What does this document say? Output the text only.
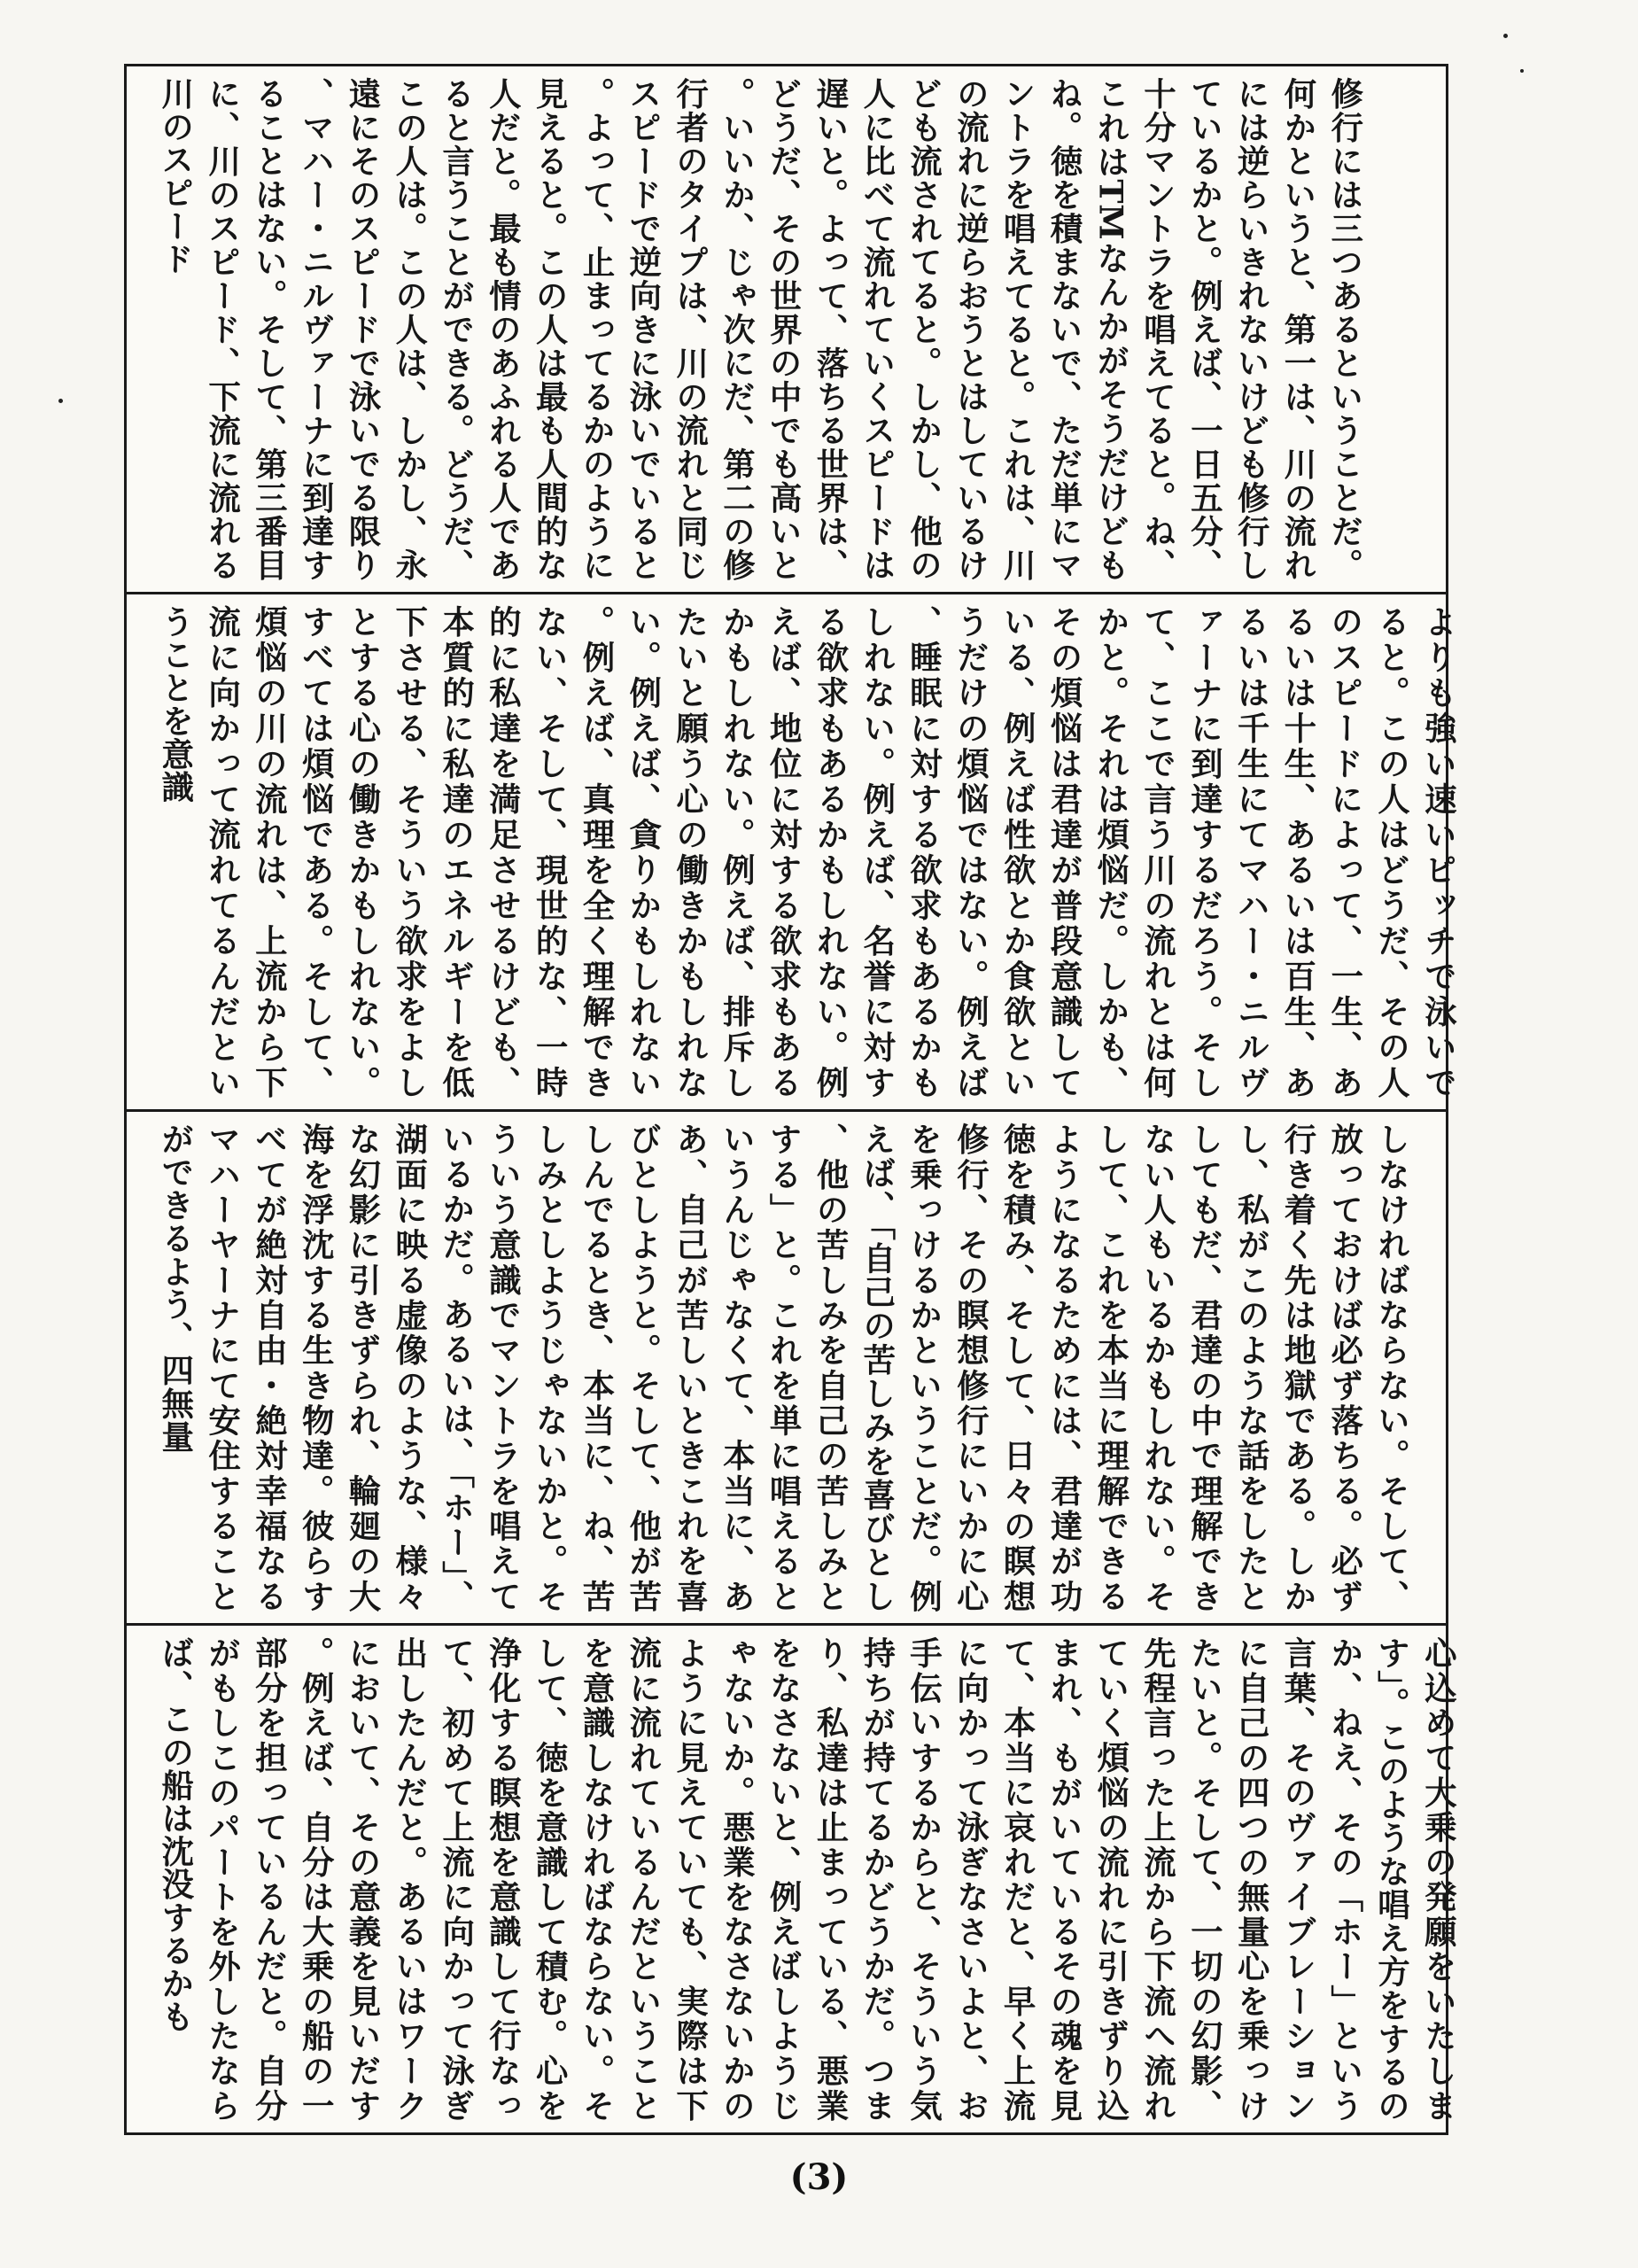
修行には三つあるということだ。何かというと、第一は、川の流れには逆らいきれないけども修行しているかと。例えば、一日五分、十分マントラを唱えてると。ね、これはTMなんかがそうだけどもね。徳を積まないで、ただ単にマントラを唱えてると。これは、川の流れに逆らおうとはしているけども流されてると。しかし、他の人に比べて流れていくスピードは遅いと。よって、落ちる世界は、どうだ、その世界の中でも高いと。いいか、じゃ次にだ、第二の修行者のタイプは、川の流れと同じスピードで逆向きに泳いでいると。よって、止まってるかのように見えると。この人は最も人間的な人だと。最も情のあふれる人であると言うことができる。どうだ、この人は。この人は、しかし、永遠にそのスピードで泳いでる限り、マハー・ニルヴァーナに到達することはない。そして、第三番目に、川のスピード、下流に流れる川のスピード
よりも強い速いピッチで泳いでると。この人はどうだ、その人のスピードによって、一生、あるいは十生、あるいは百生、あるいは千生にてマハー・ニルヴァーナに到達するだろう。そして、ここで言う川の流れとは何かと。それは煩悩だ。しかも、その煩悩は君達が普段意識している、例えば性欲とか食欲というだけの煩悩ではない。例えば、睡眠に対する欲求もあるかもしれない。例えば、名誉に対する欲求もあるかもしれない。例えば、地位に対する欲求もあるかもしれない。例えば、排斥したいと願う心の働きかもしれない。例えば、貪りかもしれない。例えば、真理を全く理解できない、そして、現世的な、一時的に私達を満足させるけども、本質的に私達のエネルギーを低下させる、そういう欲求をよしとする心の働きかもしれない。すべては煩悩である。そして、煩悩の川の流れは、上流から下流に向かって流れてるんだということを意識
しなければならない。そして、放っておけば必ず落ちる。必ず行き着く先は地獄である。しかし、私がこのような話をしたとしてもだ、君達の中で理解できない人もいるかもしれない。そして、これを本当に理解できるようになるためには、君達が功徳を積み、そして、日々の瞑想修行、その瞑想修行にいかに心を乗っけるかということだ。例えば、「自己の苦しみを喜びとし、他の苦しみを自己の苦しみとする」と。これを単に唱えるというんじゃなくて、本当に、ああ、自己が苦しいときこれを喜びとしようと。そして、他が苦しんでるとき、本当に、ね、苦しみとしようじゃないかと。そういう意識でマントラを唱えているかだ。あるいは、「ホー」、湖面に映る虚像のような、様々な幻影に引きずられ、輪廻の大海を浮沈する生き物達。彼らすべてが絶対自由・絶対幸福なるマハーヤーナにて安住することができるよう、四無量
心込めて大乗の発願をいたします」。このような唱え方をするのか、ねえ、その「ホー」という言葉、そのヴァイブレーションに自己の四つの無量心を乗っけたいと。そして、一切の幻影、先程言った上流から下流へ流れていく煩悩の流れに引きずり込まれ、もがいているその魂を見て、本当に哀れだと、早く上流に向かって泳ぎなさいよと、お手伝いするからと、そういう気持ちが持てるかどうかだ。つまり、私達は止まっている、悪業をなさないと、例えばしようじゃないか。悪業をなさないかのように見えていても、実際は下流に流れているんだということを意識しなければならない。そして、徳を意識して積む。心を浄化する瞑想を意識して行なって、初めて上流に向かって泳ぎ出したんだと。あるいはワークにおいて、その意義を見いだす。例えば、自分は大乗の船の一部分を担っているんだと。自分がもしこのパートを外したならば、この船は沈没するかも
(3)
